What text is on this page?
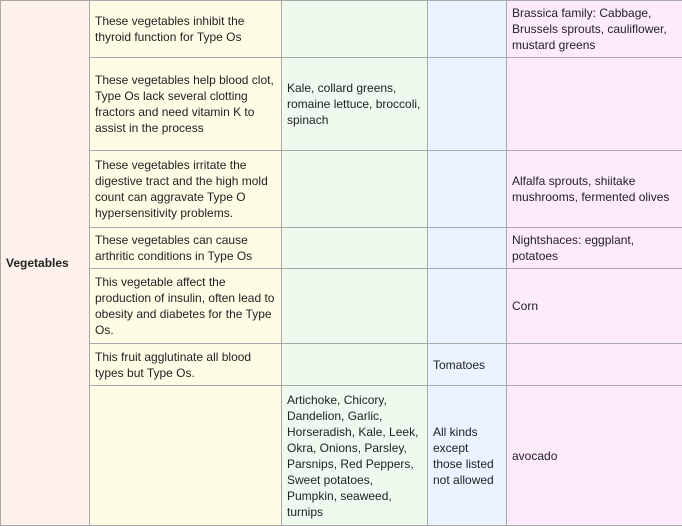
Vegetables	These vegetables inhibit the thyroid function for Type Os			Brassica family: Cabbage, Brussels sprouts, cauliflower, mustard greens
	These vegetables help blood clot, Type Os lack several clotting fractors and need vitamin K to assist in the process	Kale, collard greens, romaine lettuce, broccoli, spinach		
	These vegetables irritate the digestive tract and the high mold count can aggravate Type O hypersensitivity problems.			Alfalfa sprouts, shiitake mushrooms, fermented olives
	These vegetables can cause arthritic conditions in Type Os			Nightshaces: eggplant, potatoes
	This vegetable affect the production of insulin, often lead to obesity and diabetes for the Type Os.			Corn
	This fruit agglutinate all blood types but Type Os.		Tomatoes	
		Artichoke, Chicory, Dandelion, Garlic, Horseradish, Kale, Leek, Okra, Onions, Parsley, Parsnips, Red Peppers, Sweet potatoes, Pumpkin, seaweed, turnips	All kinds except those listed not allowed	avocado
